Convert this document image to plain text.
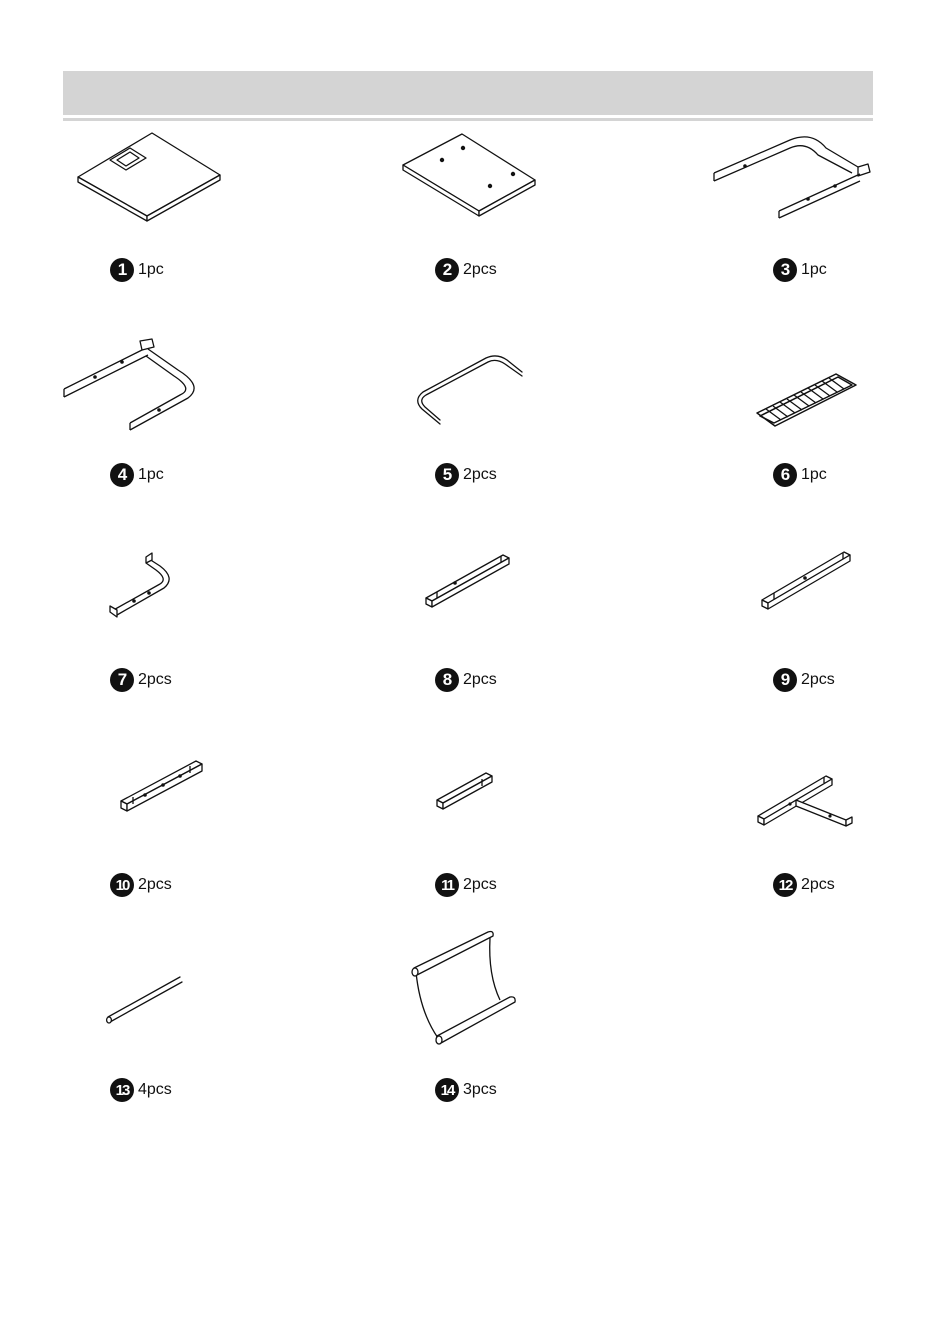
1 1pc	2 2pcs	3 1pc
4 1pc	5 2pcs	6 1pc
7 2pcs	8 2pcs	9 2pcs
10 2pcs	11 2pcs	12 2pcs
13 4pcs	14 3pcs
